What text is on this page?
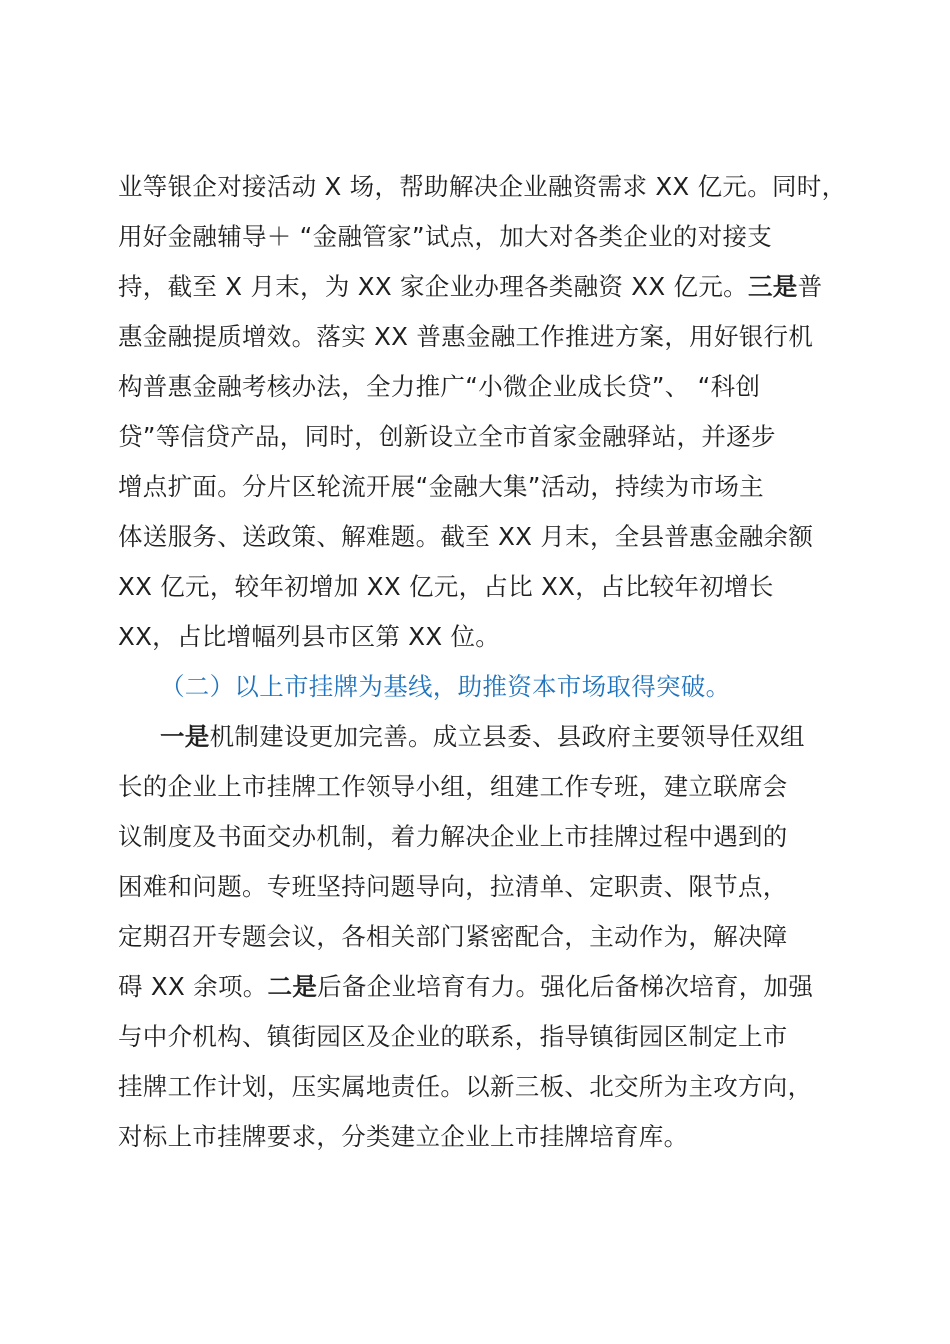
业等银企对接活动 X 场，帮助解决企业融资需求 XX 亿元。同时，
用好金融辅导＋ “金融管家”试点，加大对各类企业的对接支
持，截至 X 月末，为 XX 家企业办理各类融资 XX 亿元。三是普
惠金融提质增效。落实 XX 普惠金融工作推进方案，用好银行机
构普惠金融考核办法，全力推广“小微企业成长贷”、 “科创
贷”等信贷产品，同时，创新设立全市首家金融驿站，并逐步
增点扩面。分片区轮流开展“金融大集”活动，持续为市场主
体送服务、送政策、解难题。截至 XX 月末，全县普惠金融余额
XX 亿元，较年初增加 XX 亿元，占比 XX，占比较年初增长
XX，占比增幅列县市区第 XX 位。
（二）以上市挂牌为基线，助推资本市场取得突破。
一是机制建设更加完善。成立县委、县政府主要领导任双组
长的企业上市挂牌工作领导小组，组建工作专班，建立联席会
议制度及书面交办机制，着力解决企业上市挂牌过程中遇到的
困难和问题。专班坚持问题导向，拉清单、定职责、限节点，
定期召开专题会议，各相关部门紧密配合，主动作为，解决障
碍 XX 余项。二是后备企业培育有力。强化后备梯次培育，加强
与中介机构、镇街园区及企业的联系，指导镇街园区制定上市
挂牌工作计划，压实属地责任。以新三板、北交所为主攻方向，
对标上市挂牌要求，分类建立企业上市挂牌培育库。
